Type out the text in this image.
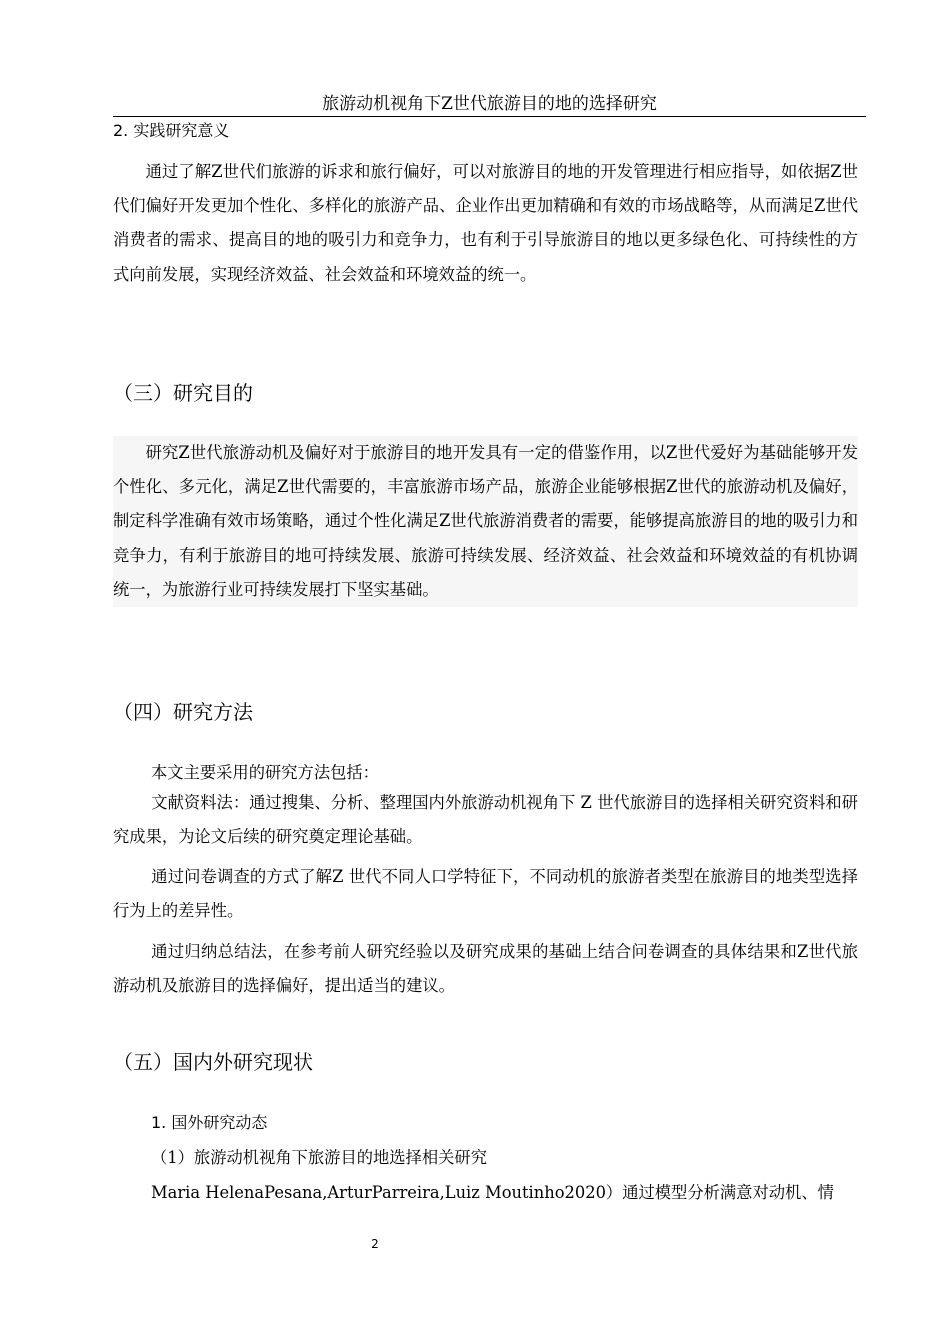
旅游动机视角下Z世代旅游目的地的选择研究
2. 实践研究意义

通过了解Z世代们旅游的诉求和旅行偏好，可以对旅游目的地的开发管理进行相应指导，如依据Z世代们偏好开发更加个性化、多样化的旅游产品、企业作出更加精确和有效的市场战略等，从而满足Z世代消费者的需求、提高目的地的吸引力和竞争力，也有利于引导旅游目的地以更多绿色化、可持续性的方式向前发展，实现经济效益、社会效益和环境效益的统一。

（三）研究目的

研究Z世代旅游动机及偏好对于旅游目的地开发具有一定的借鉴作用，以Z世代爱好为基础能够开发个性化、多元化，满足Z世代需要的，丰富旅游市场产品，旅游企业能够根据Z世代的旅游动机及偏好，制定科学准确有效市场策略，通过个性化满足Z世代旅游消费者的需要，能够提高旅游目的地的吸引力和竞争力，有利于旅游目的地可持续发展、旅游可持续发展、经济效益、社会效益和环境效益的有机协调统一，为旅游行业可持续发展打下坚实基础。

（四）研究方法
本文主要采用的研究方法包括：

文献资料法：通过搜集、分析、整理国内外旅游动机视角下 Z 世代旅游目的选择相关研究资料和研究成果，为论文后续的研究奠定理论基础。

通过问卷调查的方式了解Z 世代不同人口学特征下，不同动机的旅游者类型在旅游目的地类型选择行为上的差异性。

通过归纳总结法，在参考前人研究经验以及研究成果的基础上结合问卷调查的具体结果和Z世代旅游动机及旅游目的选择偏好，提出适当的建议。

（五）国内外研究现状
1. 国外研究动态
（1）旅游动机视角下旅游目的地选择相关研究
Maria HelenaPesana,ArturParreira,Luiz Moutinho2020）通过模型分析满意对动机、情
2
